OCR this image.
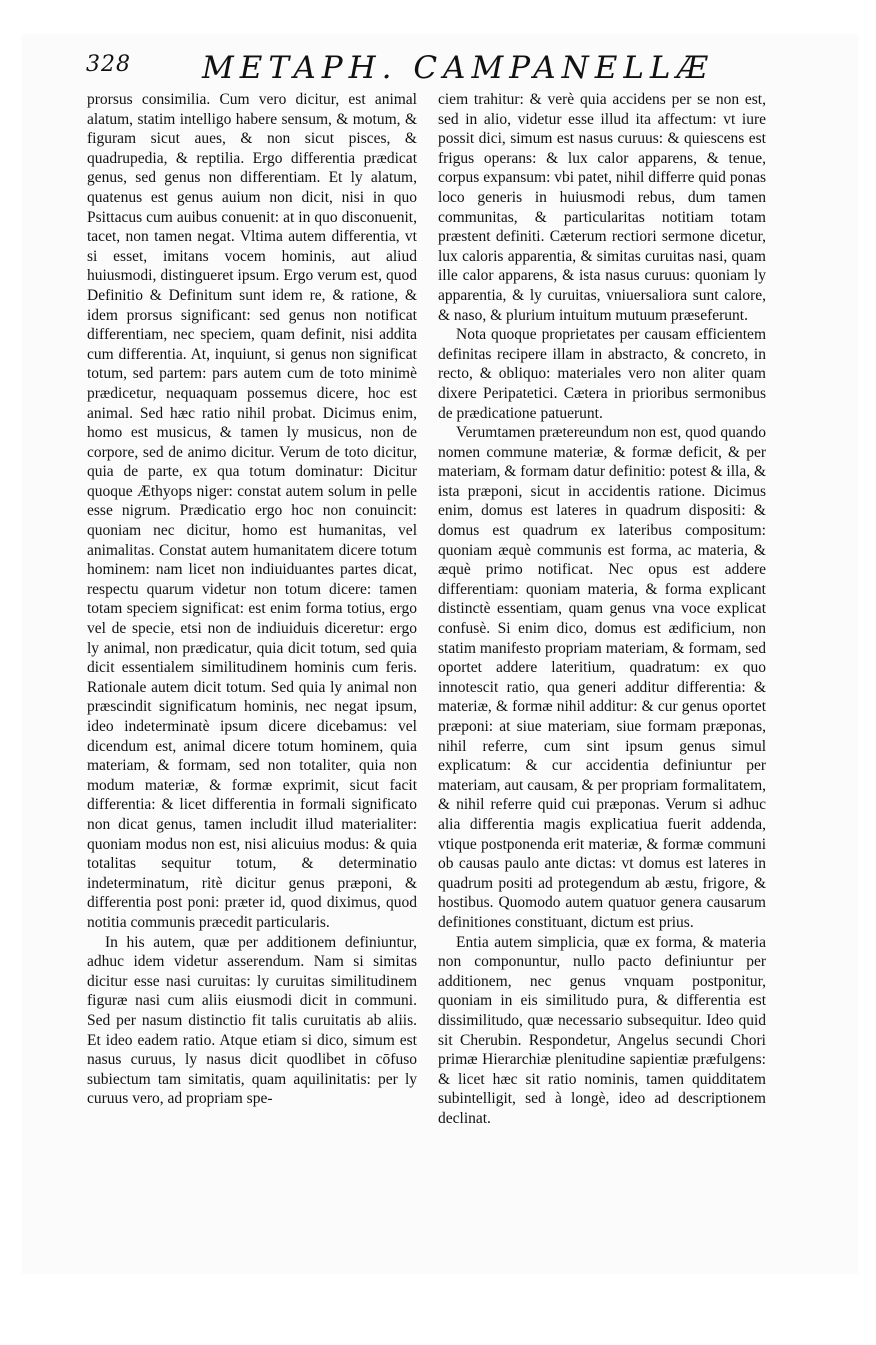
328 METAPH. CAMPANELLÆ

prorsus consimilia. Cum vero dicitur, est animal alatum, statim intelligo habere sensum, & motum, & figuram sicut aues, & non sicut pisces, & quadrupedia, & reptilia. Ergo differentia prædicat genus, sed genus non differentiam. Et ly alatum, quatenus est genus auium non dicit, nisi in quo Psittacus cum auibus conuenit: at in quo disconuenit, tacet, non tamen negat. Vltima autem differentia, vt si esset, imitans vocem hominis, aut aliud huiusmodi, distingueret ipsum. Ergo verum est, quod Definitio & Definitum sunt idem re, & ratione, & idem prorsus significant: sed genus non notificat differentiam, nec speciem, quam definit, nisi addita cum differentia. At, inquiunt, si genus non significat totum, sed partem: pars autem cum de toto minimè prædicetur, nequaquam possemus dicere, hoc est animal. Sed hæc ratio nihil probat. Dicimus enim, homo est musicus, & tamen ly musicus, non de corpore, sed de animo dicitur. Verum de toto dicitur, quia de parte, ex qua totum dominatur: Dicitur quoque Æthyops niger: constat autem solum in pelle esse nigrum. Prædicatio ergo hoc non conuincit: quoniam nec dicitur, homo est humanitas, vel animalitas. Constat autem humanitatem dicere totum hominem: nam licet non indiuiduantes partes dicat, respectu quarum videtur non totum dicere: tamen totam speciem significat: est enim forma totius, ergo vel de specie, etsi non de indiuiduis diceretur: ergo ly animal, non prædicatur, quia dicit totum, sed quia dicit essentialem similitudinem hominis cum feris. Rationale autem dicit totum. Sed quia ly animal non præscindit significatum hominis, nec negat ipsum, ideo indeterminatè ipsum dicere dicebamus: vel dicendum est, animal dicere totum hominem, quia materiam, & formam, sed non totaliter, quia non modum materiæ, & formæ exprimit, sicut facit differentia: & licet differentia in formali significato non dicat genus, tamen includit illud materialiter: quoniam modus non est, nisi alicuius modus: & quia totalitas sequitur totum, & determinatio indeterminatum, ritè dicitur genus præponi, & differentia post poni: præter id, quod diximus, quod notitia communis præcedit particularis.

In his autem, quæ per additionem definiuntur, adhuc idem videtur asserendum. Nam si simitas dicitur esse nasi curuitas: ly curuitas similitudinem figuræ nasi cum aliis eiusmodi dicit in communi. Sed per nasum distinctio fit talis curuitatis ab aliis. Et ideo eadem ratio. Atque etiam si dico, simum est nasus curuus, ly nasus dicit quodlibet in cōfuso subiectum tam simitatis, quam aquilinitatis: per ly curuus vero, ad propriam spe-

ciem trahitur: & verè quia accidens per se non est, sed in alio, videtur esse illud ita affectum: vt iure possit dici, simum est nasus curuus: & quiescens est frigus operans: & lux calor apparens, & tenue, corpus expansum: vbi patet, nihil differre quid ponas loco generis in huiusmodi rebus, dum tamen communitas, & particularitas notitiam totam præstent definiti. Cæterum rectiori sermone dicetur, lux caloris apparentia, & simitas curuitas nasi, quam ille calor apparens, & ista nasus curuus: quoniam ly apparentia, & ly curuitas, vniuersaliora sunt calore, & naso, & plurium intuitum mutuum præseferunt.

Nota quoque proprietates per causam efficientem definitas recipere illam in abstracto, & concreto, in recto, & obliquo: materiales vero non aliter quam dixere Peripatetici. Cætera in prioribus sermonibus de prædicatione patuerunt.

Verumtamen prætereundum non est, quod quando nomen commune materiæ, & formæ deficit, & per materiam, & formam datur definitio: potest & illa, & ista præponi, sicut in accidentis ratione. Dicimus enim, domus est lateres in quadrum dispositi: & domus est quadrum ex lateribus compositum: quoniam æquè communis est forma, ac materia, & æquè primo notificat. Nec opus est addere differentiam: quoniam materia, & forma explicant distinctè essentiam, quam genus vna voce explicat confusè. Si enim dico, domus est ædificium, non statim manifesto propriam materiam, & formam, sed oportet addere lateritium, quadratum: ex quo innotescit ratio, qua generi additur differentia: & materiæ, & formæ nihil additur: & cur genus oportet præponi: at siue materiam, siue formam præponas, nihil referre, cum sint ipsum genus simul explicatum: & cur accidentia definiuntur per materiam, aut causam, & per propriam formalitatem, & nihil referre quid cui præponas. Verum si adhuc alia differentia magis explicatiua fuerit addenda, vtique postponenda erit materiæ, & formæ communi ob causas paulo ante dictas: vt domus est lateres in quadrum positi ad protegendum ab æstu, frigore, & hostibus. Quomodo autem quatuor genera causarum definitiones constituant, dictum est prius.

Entia autem simplicia, quæ ex forma, & materia non componuntur, nullo pacto definiuntur per additionem, nec genus vnquam postponitur, quoniam in eis similitudo pura, & differentia est dissimilitudo, quæ necessario subsequitur. Ideo quid sit Cherubin. Respondetur, Angelus secundi Chori primæ Hierarchiæ plenitudine sapientiæ præfulgens: & licet hæc sit ratio nominis, tamen quidditatem subintelligit, sed à longè, ideo ad descriptionem declinat.
